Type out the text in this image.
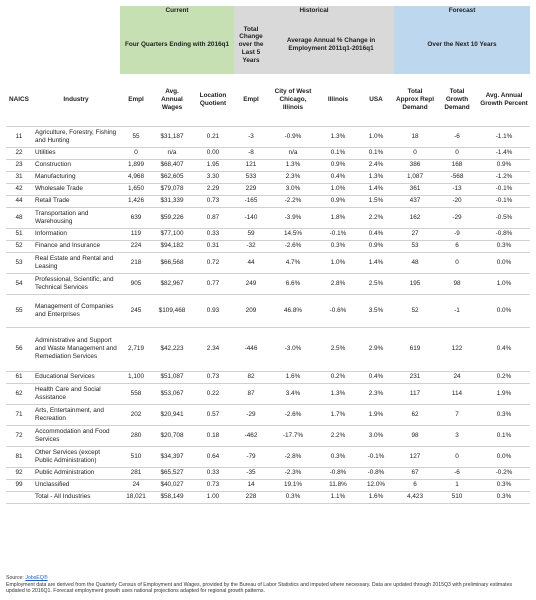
		Current			Historical				Forecast		
		Four Quarters Ending with 2016q1			Total Change over the Last 5 Years	Average Annual % Change in Employment 2011q1-2016q1			Over the Next 10 Years		
NAICS	Industry	Empl	Avg. Annual Wages	Location Quotient	Empl	City of West Chicago, Illinois	Illinois	USA	Total Approx Repl Demand	Total Growth Demand	Avg. Annual Growth Percent
11	Agriculture, Forestry, Fishing and Hunting	55	$31,187	0.21	-3	-0.9%	1.3%	1.0%	18	-6	-1.1%
22	Utilities	0	n/a	0.00	-8	n/a	0.1%	0.1%	0	0	-1.4%
23	Construction	1,899	$68,407	1.95	121	1.3%	0.9%	2.4%	386	168	0.9%
31	Manufacturing	4,968	$62,605	3.30	533	2.3%	0.4%	1.3%	1,087	-568	-1.2%
42	Wholesale Trade	1,650	$79,078	2.29	229	3.0%	1.0%	1.4%	361	-13	-0.1%
44	Retail Trade	1,426	$31,339	0.73	-165	-2.2%	0.9%	1.5%	437	-20	-0.1%
48	Transportation and Warehousing	639	$59,226	0.87	-140	-3.9%	1.8%	2.2%	162	-29	-0.5%
51	Information	119	$77,100	0.33	59	14.5%	-0.1%	0.4%	27	-9	-0.8%
52	Finance and Insurance	224	$94,182	0.31	-32	-2.6%	0.3%	0.9%	53	6	0.3%
53	Real Estate and Rental and Leasing	218	$66,568	0.72	44	4.7%	1.0%	1.4%	48	0	0.0%
54	Professional, Scientific, and Technical Services	905	$82,967	0.77	249	6.6%	2.8%	2.5%	195	98	1.0%
55	Management of Companies and Enterprises	245	$109,468	0.93	209	46.8%	-0.6%	3.5%	52	-1	0.0%
56	Administrative and Support and Waste Management and Remediation Services	2,719	$42,223	2.34	-446	-3.0%	2.5%	2.9%	619	122	0.4%
61	Educational Services	1,100	$51,087	0.73	82	1.6%	0.2%	0.4%	231	24	0.2%
62	Health Care and Social Assistance	558	$53,067	0.22	87	3.4%	1.3%	2.3%	117	114	1.9%
71	Arts, Entertainment, and Recreation	202	$20,941	0.57	-29	-2.6%	1.7%	1.9%	62	7	0.3%
72	Accommodation and Food Services	280	$20,708	0.18	-462	-17.7%	2.2%	3.0%	98	3	0.1%
81	Other Services (except Public Administration)	510	$34,397	0.64	-79	-2.8%	0.3%	-0.1%	127	0	0.0%
92	Public Administration	281	$65,527	0.33	-35	-2.3%	-0.8%	-0.8%	67	-6	-0.2%
99	Unclassified	24	$40,027	0.73	14	19.1%	11.8%	12.0%	6	1	0.3%
	Total - All Industries	18,021	$58,149	1.00	228	0.3%	1.1%	1.6%	4,423	510	0.3%
Source: JobsEQ®
Employment data are derived from the Quarterly Census of Employment and Wages, provided by the Bureau of Labor Statistics and imputed where necessary. Data are updated through 2015Q3 with preliminary estimates updated to 2016Q1. Forecast employment growth uses national projections adapted for regional growth patterns.
